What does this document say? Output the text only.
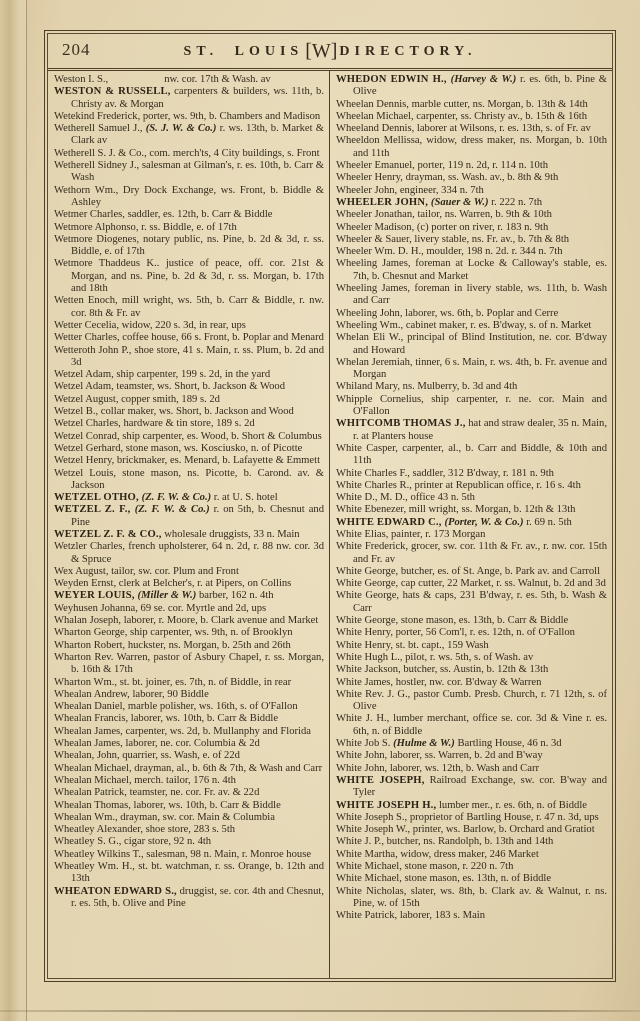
204	ST. LOUIS [W] DIRECTORY.

Weston I. S.,	nw. cor. 17th & Wash. av

WESTON & RUSSELL, carpenters & builders, ws. 11th, b. Christy av. & Morgan

Wetekind Frederick, porter, ws. 9th, b. Chambers and Madison

Wetherell Samuel J., (S. J. W. & Co.) r. ws. 13th, b. Market & Clark av

Wetherell S. J. & Co., com. merch'ts, 4 City buildings, s. Front

Wetherell Sidney J., salesman at Gilman's, r. es. 10th, b. Carr & Wash

Wethorn Wm., Dry Dock Exchange, ws. Front, b. Biddle & Ashley

Wetmer Charles, saddler, es. 12th, b. Carr & Biddle

Wetmore Alphonso, r. ss. Biddle, e. of 17th

Wetmore Diogenes, notary public, ns. Pine, b. 2d & 3d, r. ss. Biddle, e. of 17th

Wetmore Thaddeus K.. justice of peace, off. cor. 21st & Morgan, and ns. Pine, b. 2d & 3d, r. ss. Morgan, b. 17th and 18th

Wetten Enoch, mill wright, ws. 5th, b. Carr & Biddle, r. nw. cor. 8th & Fr. av

Wetter Cecelia, widow, 220 s. 3d, in rear, ups

Wetter Charles, coffee house, 66 s. Front, b. Poplar and Menard

Wetteroth John P., shoe store, 41 s. Main, r. ss. Plum, b. 2d and 3d

Wetzel Adam, ship carpenter, 199 s. 2d, in the yard

Wetzel Adam, teamster, ws. Short, b. Jackson & Wood

Wetzel August, copper smith, 189 s. 2d

Wetzel B., collar maker, ws. Short, b. Jackson and Wood

Wetzel Charles, hardware & tin store, 189 s. 2d

Wetzel Conrad, ship carpenter, es. Wood, b. Short & Columbus

Wetzel Gerhard, stone mason, ws. Kosciusko, n. of Picotte

Wetzel Henry, brickmaker, es. Menard, b. Lafayette & Emmett

Wetzel Louis, stone mason, ns. Picotte, b. Carond. av. & Jackson

WETZEL OTHO, (Z. F. W. & Co.) r. at U. S. hotel

WETZEL Z. F., (Z. F. W. & Co.) r. on 5th, b. Chesnut and Pine

WETZEL Z. F. & CO., wholesale druggists, 33 n. Main

Wetzler Charles, french upholsterer, 64 n. 2d, r. 88 nw. cor. 3d & Spruce

Wex August, tailor, sw. cor. Plum and Front

Weyden Ernst, clerk at Belcher's, r. at Pipers, on Collins

WEYER LOUIS, (Miller & W.) barber, 162 n. 4th

Weyhusen Johanna, 69 se. cor. Myrtle and 2d, ups

Whalan Joseph, laborer, r. Moore, b. Clark avenue and Market

Wharton George, ship carpenter, ws. 9th, n. of Brooklyn

Wharton Robert, huckster, ns. Morgan, b. 25th and 26th

Wharton Rev. Warren, pastor of Asbury Chapel, r. ss. Morgan, b. 16th & 17th

Wharton Wm., st. bt. joiner, es. 7th, n. of Biddle, in rear

Whealan Andrew, laborer, 90 Biddle

Whealan Daniel, marble polisher, ws. 16th, s. of O'Fallon

Whealan Francis, laborer, ws. 10th, b. Carr & Biddle

Whealan James, carpenter, ws. 2d, b. Mullanphy and Florida

Whealan James, laborer, ne. cor. Columbia & 2d

Whealan, John, quarrier, ss. Wash, e. of 22d

Whealan Michael, drayman, al., b. 6th & 7th, & Wash and Carr

Whealan Michael, merch. tailor, 176 n. 4th

Whealan Patrick, teamster, ne. cor. Fr. av. & 22d

Whealan Thomas, laborer, ws. 10th, b. Carr & Biddle

Whealan Wm., drayman, sw. cor. Main & Columbia

Wheatley Alexander, shoe store, 283 s. 5th

Wheatley S. G., cigar store, 92 n. 4th

Wheatley Wilkins T., salesman, 98 n. Main, r. Monroe house

Wheatley Wm. H., st. bt. watchman, r. ss. Orange, b. 12th and 13th

WHEATON EDWARD S., druggist, se. cor. 4th and Chesnut, r. es. 5th, b. Olive and Pine

WHEDON EDWIN H., (Harvey & W.) r. es. 6th, b. Pine & Olive

Wheelan Dennis, marble cutter, ns. Morgan, b. 13th & 14th

Wheelan Michael, carpenter, ss. Christy av., b. 15th & 16th

Wheeland Dennis, laborer at Wilsons, r. es. 13th, s. of Fr. av

Wheeldon Mellissa, widow, dress maker, ns. Morgan, b. 10th and 11th

Wheeler Emanuel, porter, 119 n. 2d, r. 114 n. 10th

Wheeler Henry, drayman, ss. Wash. av., b. 8th & 9th

Wheeler John, engineer, 334 n. 7th

WHEELER JOHN, (Sauer & W.) r. 222 n. 7th

Wheeler Jonathan, tailor, ns. Warren, b. 9th & 10th

Wheeler Madison, (c) porter on river, r. 183 n. 9th

Wheeler & Sauer, livery stable, ns. Fr. av., b. 7th & 8th

Wheeler Wm. D. H., moulder, 198 n. 2d. r. 344 n. 7th

Wheeling James, foreman at Locke & Calloway's stable, es. 7th, b. Chesnut and Market

Wheeling James, foreman in livery stable, ws. 11th, b. Wash and Carr

Wheeling John, laborer, ws. 6th, b. Poplar and Cerre

Wheeling Wm., cabinet maker, r. es. B'dway, s. of n. Market

Whelan Eli W., principal of Blind Institution, ne. cor. B'dway and Howard

Whelan Jeremiah, tinner, 6 s. Main, r. ws. 4th, b. Fr. avenue and Morgan

Whiland Mary, ns. Mulberry, b. 3d and 4th

Whipple Cornelius, ship carpenter, r. ne. cor. Main and O'Fallon

WHITCOMB THOMAS J., hat and straw dealer, 35 n. Main, r. at Planters house

White Casper, carpenter, al., b. Carr and Biddle, & 10th and 11th

White Charles F., saddler, 312 B'dway, r. 181 n. 9th

White Charles R., printer at Republican office, r. 16 s. 4th

White D., M. D., office 43 n. 5th

White Ebenezer, mill wright, ss. Morgan, b. 12th & 13th

WHITE EDWARD C., (Porter, W. & Co.) r. 69 n. 5th

White Elias, painter, r. 173 Morgan

White Frederick, grocer, sw. cor. 11th & Fr. av., r. nw. cor. 15th and Fr. av

White George, butcher, es. of St. Ange, b. Park av. and Carroll

White George, cap cutter, 22 Market, r. ss. Walnut, b. 2d and 3d

White George, hats & caps, 231 B'dway, r. es. 5th, b. Wash & Carr

White George, stone mason, es. 13th, b. Carr & Biddle

White Henry, porter, 56 Com'l, r. es. 12th, n. of O'Fallon

White Henry, st. bt. capt., 159 Wash

White Hugh L., pilot, r. ws. 5th, s. of Wash. av

White Jackson, butcher, ss. Austin, b. 12th & 13th

White James, hostler, nw. cor. B'dway & Warren

White Rev. J. G., pastor Cumb. Presb. Church, r. 71 12th, s. of Olive

White J. H., lumber merchant, office se. cor. 3d & Vine r. es. 6th, n. of Biddle

White Job S. (Hulme & W.) Bartling House, 46 n. 3d

White John, laborer, ss. Warren, b. 2d and B'way

White John, laborer, ws. 12th, b. Wash and Carr

WHITE JOSEPH, Railroad Exchange, sw. cor. B'way and Tyler

WHITE JOSEPH H., lumber mer., r. es. 6th, n. of Biddle

White Joseph S., proprietor of Bartling House, r. 47 n. 3d, ups

White Joseph W., printer, ws. Barlow, b. Orchard and Gratiot

White J. P., butcher, ns. Randolph, b. 13th and 14th

White Martha, widow, dress maker, 246 Market

White Michael, stone mason, r. 220 n. 7th

White Michael, stone mason, es. 13th, n. of Biddle

White Nicholas, slater, ws. 8th, b. Clark av. & Walnut, r. ns. Pine, w. of 15th

White Patrick, laborer, 183 s. Main
